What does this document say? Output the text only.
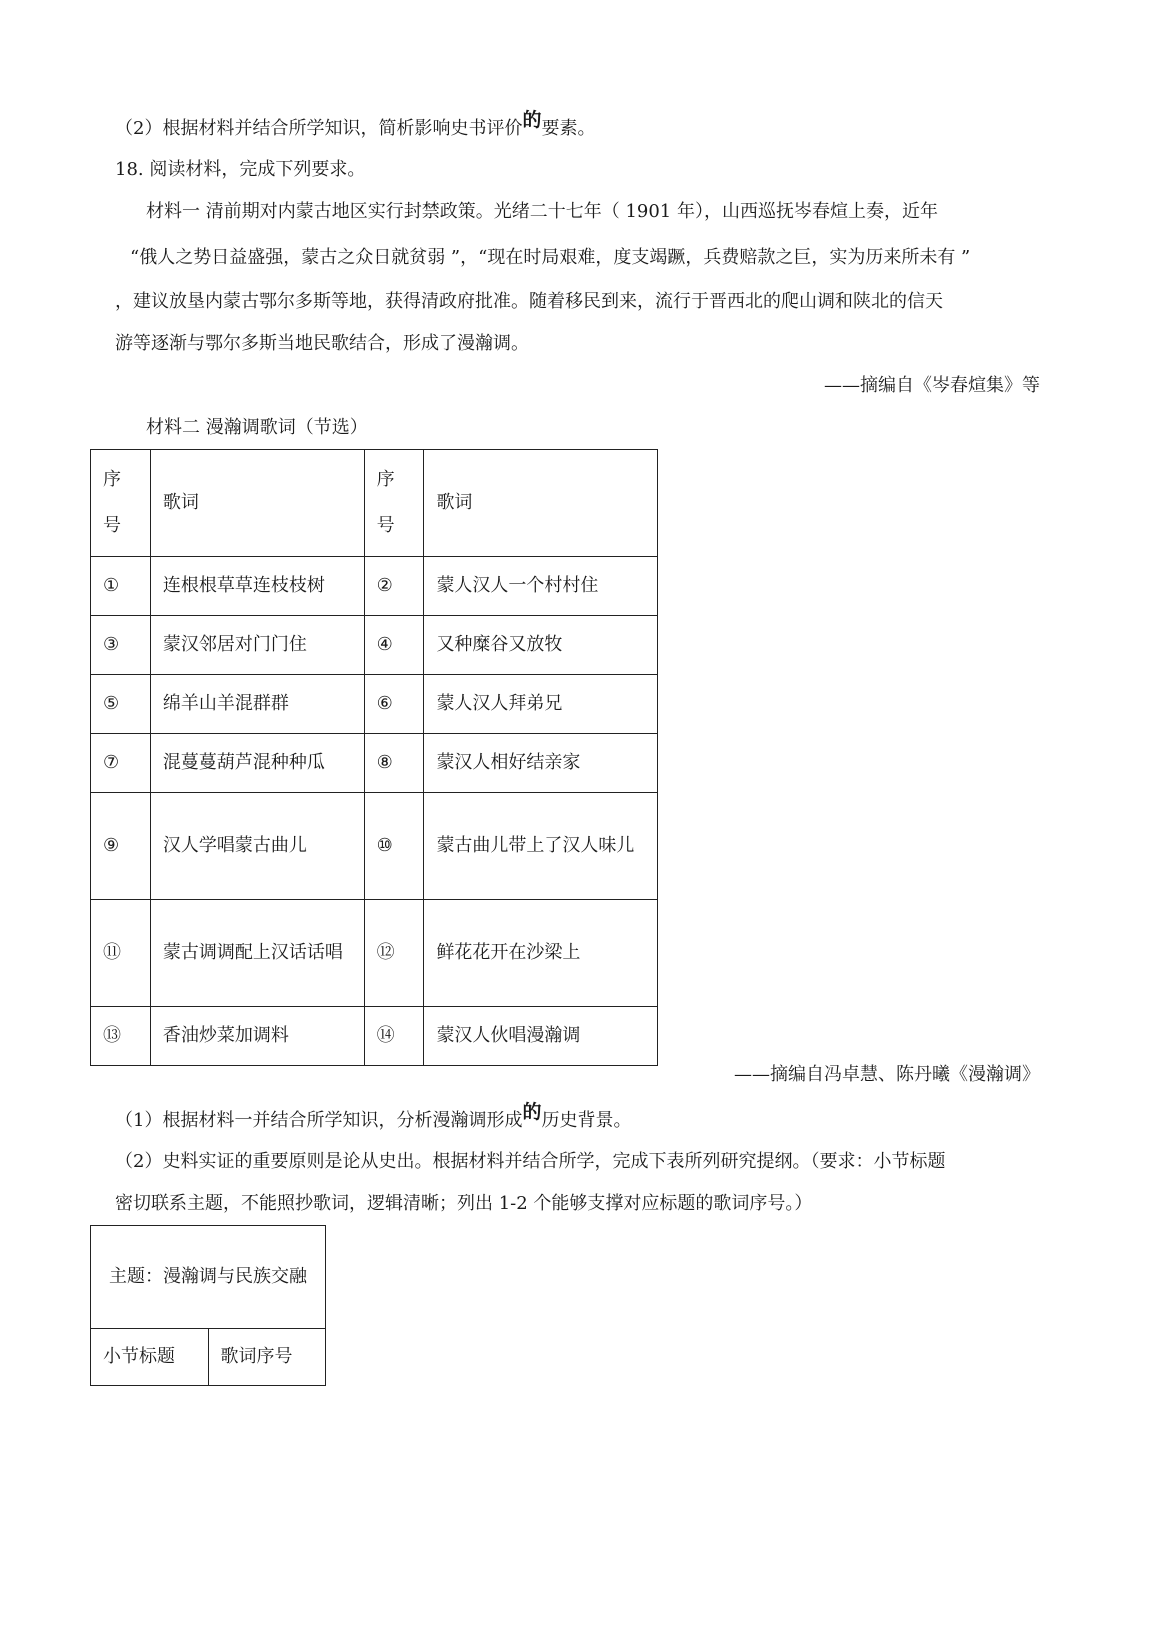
（2）根据材料并结合所学知识，简析影响史书评价的要素。
18. 阅读材料，完成下列要求。
材料一 清前期对内蒙古地区实行封禁政策。光绪二十七年（ 1901 年），山西巡抚岑春煊上奏，近年
“俄人之势日益盛强，蒙古之众日就贫弱 ”，“现在时局艰难，度支竭蹶，兵费赔款之巨，实为历来所未有 ”
，建议放垦内蒙古鄂尔多斯等地，获得清政府批准。随着移民到来，流行于晋西北的爬山调和陕北的信天
游等逐渐与鄂尔多斯当地民歌结合，形成了漫瀚调。
——摘编自《岑春煊集》等
材料二 漫瀚调歌词（节选）
序号	歌词	序号	歌词
①	连根根草草连枝枝树	②	蒙人汉人一个村村住
③	蒙汉邻居对门门住	④	又种糜谷又放牧
⑤	绵羊山羊混群群	⑥	蒙人汉人拜弟兄
⑦	混蔓蔓葫芦混种种瓜	⑧	蒙汉人相好结亲家
⑨	汉人学唱蒙古曲儿	⑩	蒙古曲儿带上了汉人味儿
⑪	蒙古调调配上汉话话唱	⑫	鲜花花开在沙梁上
⑬	香油炒菜加调料	⑭	蒙汉人伙唱漫瀚调
——摘编自冯卓慧、陈丹曦《漫瀚调》
（1）根据材料一并结合所学知识，分析漫瀚调形成的历史背景。
（2）史料实证的重要原则是论从史出。根据材料并结合所学，完成下表所列研究提纲。（要求：小节标题
密切联系主题，不能照抄歌词，逻辑清晰；列出 1-2 个能够支撑对应标题的歌词序号。）
主题：漫瀚调与民族交融
小节标题	歌词序号
